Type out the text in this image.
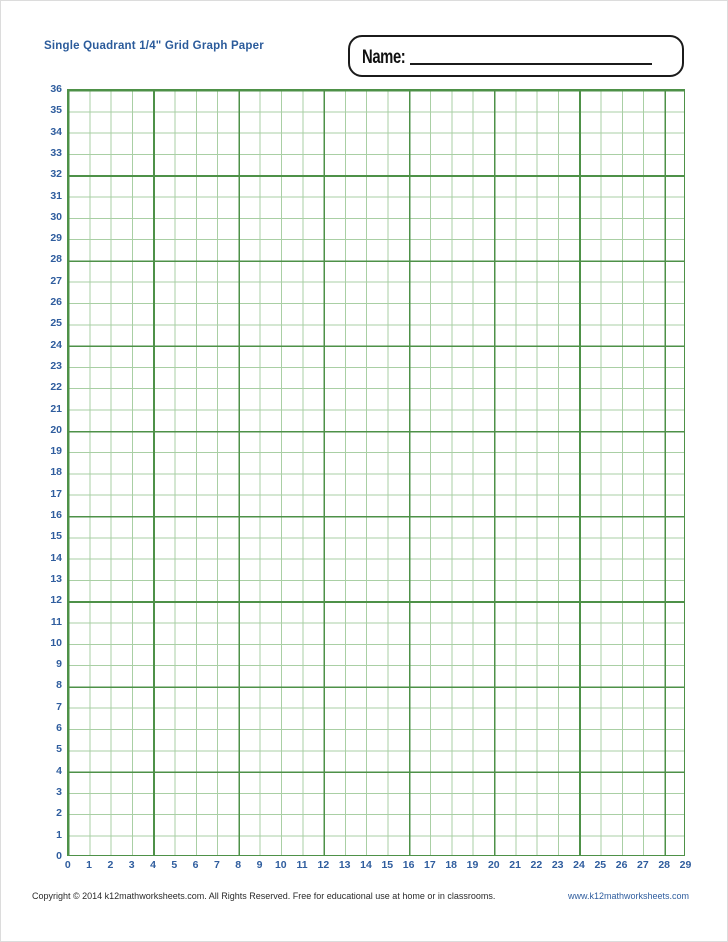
Single Quadrant 1/4" Grid Graph Paper
Name:
36
35
34
33
32
31
30
29
28
27
26
25
24
23
22
21
20
19
18
17
16
15
14
13
12
11
10
9
8
7
6
5
4
3
2
1
0
0 1 2 3 4 5 6 7 8 9 10 11 12 13 14 15 16 17 18 19 20 21 22 23 24 25 26 27 28 29
Copyright © 2014 k12mathworksheets.com. All Rights Reserved. Free for educational use at home or in classrooms.	www.k12mathworksheets.com
